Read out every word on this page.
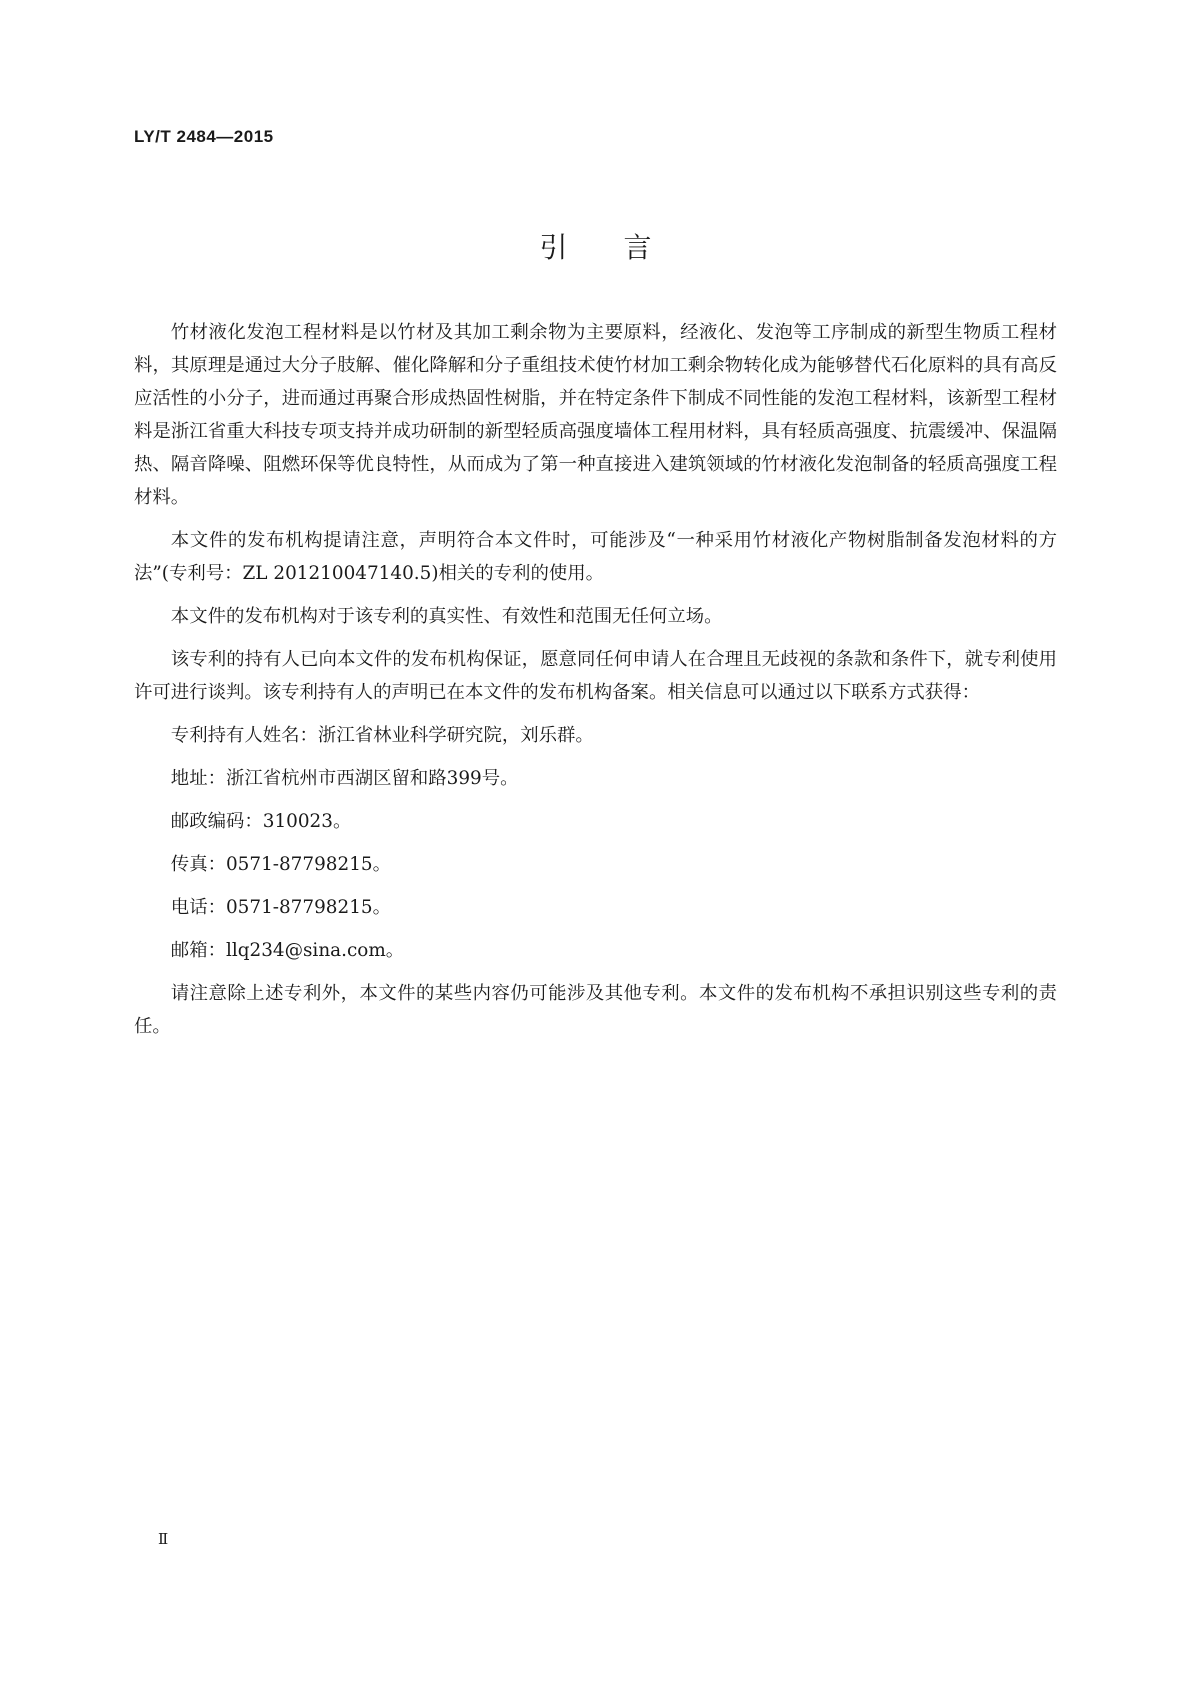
LY/T 2484—2015
引言

竹材液化发泡工程材料是以竹材及其加工剩余物为主要原料，经液化、发泡等工序制成的新型生物质工程材料，其原理是通过大分子肢解、催化降解和分子重组技术使竹材加工剩余物转化成为能够替代石化原料的具有高反应活性的小分子，进而通过再聚合形成热固性树脂，并在特定条件下制成不同性能的发泡工程材料，该新型工程材料是浙江省重大科技专项支持并成功研制的新型轻质高强度墙体工程用材料，具有轻质高强度、抗震缓冲、保温隔热、隔音降噪、阻燃环保等优良特性，从而成为了第一种直接进入建筑领域的竹材液化发泡制备的轻质高强度工程材料。

本文件的发布机构提请注意，声明符合本文件时，可能涉及“一种采用竹材液化产物树脂制备发泡材料的方法”(专利号：ZL 201210047140.5)相关的专利的使用。

本文件的发布机构对于该专利的真实性、有效性和范围无任何立场。

该专利的持有人已向本文件的发布机构保证，愿意同任何申请人在合理且无歧视的条款和条件下，就专利使用许可进行谈判。该专利持有人的声明已在本文件的发布机构备案。相关信息可以通过以下联系方式获得：

专利持有人姓名：浙江省林业科学研究院，刘乐群。

地址：浙江省杭州市西湖区留和路399号。

邮政编码：310023。

传真：0571-87798215。

电话：0571-87798215。

邮箱：llq234@sina.com。

请注意除上述专利外，本文件的某些内容仍可能涉及其他专利。本文件的发布机构不承担识别这些专利的责任。

Ⅱ
